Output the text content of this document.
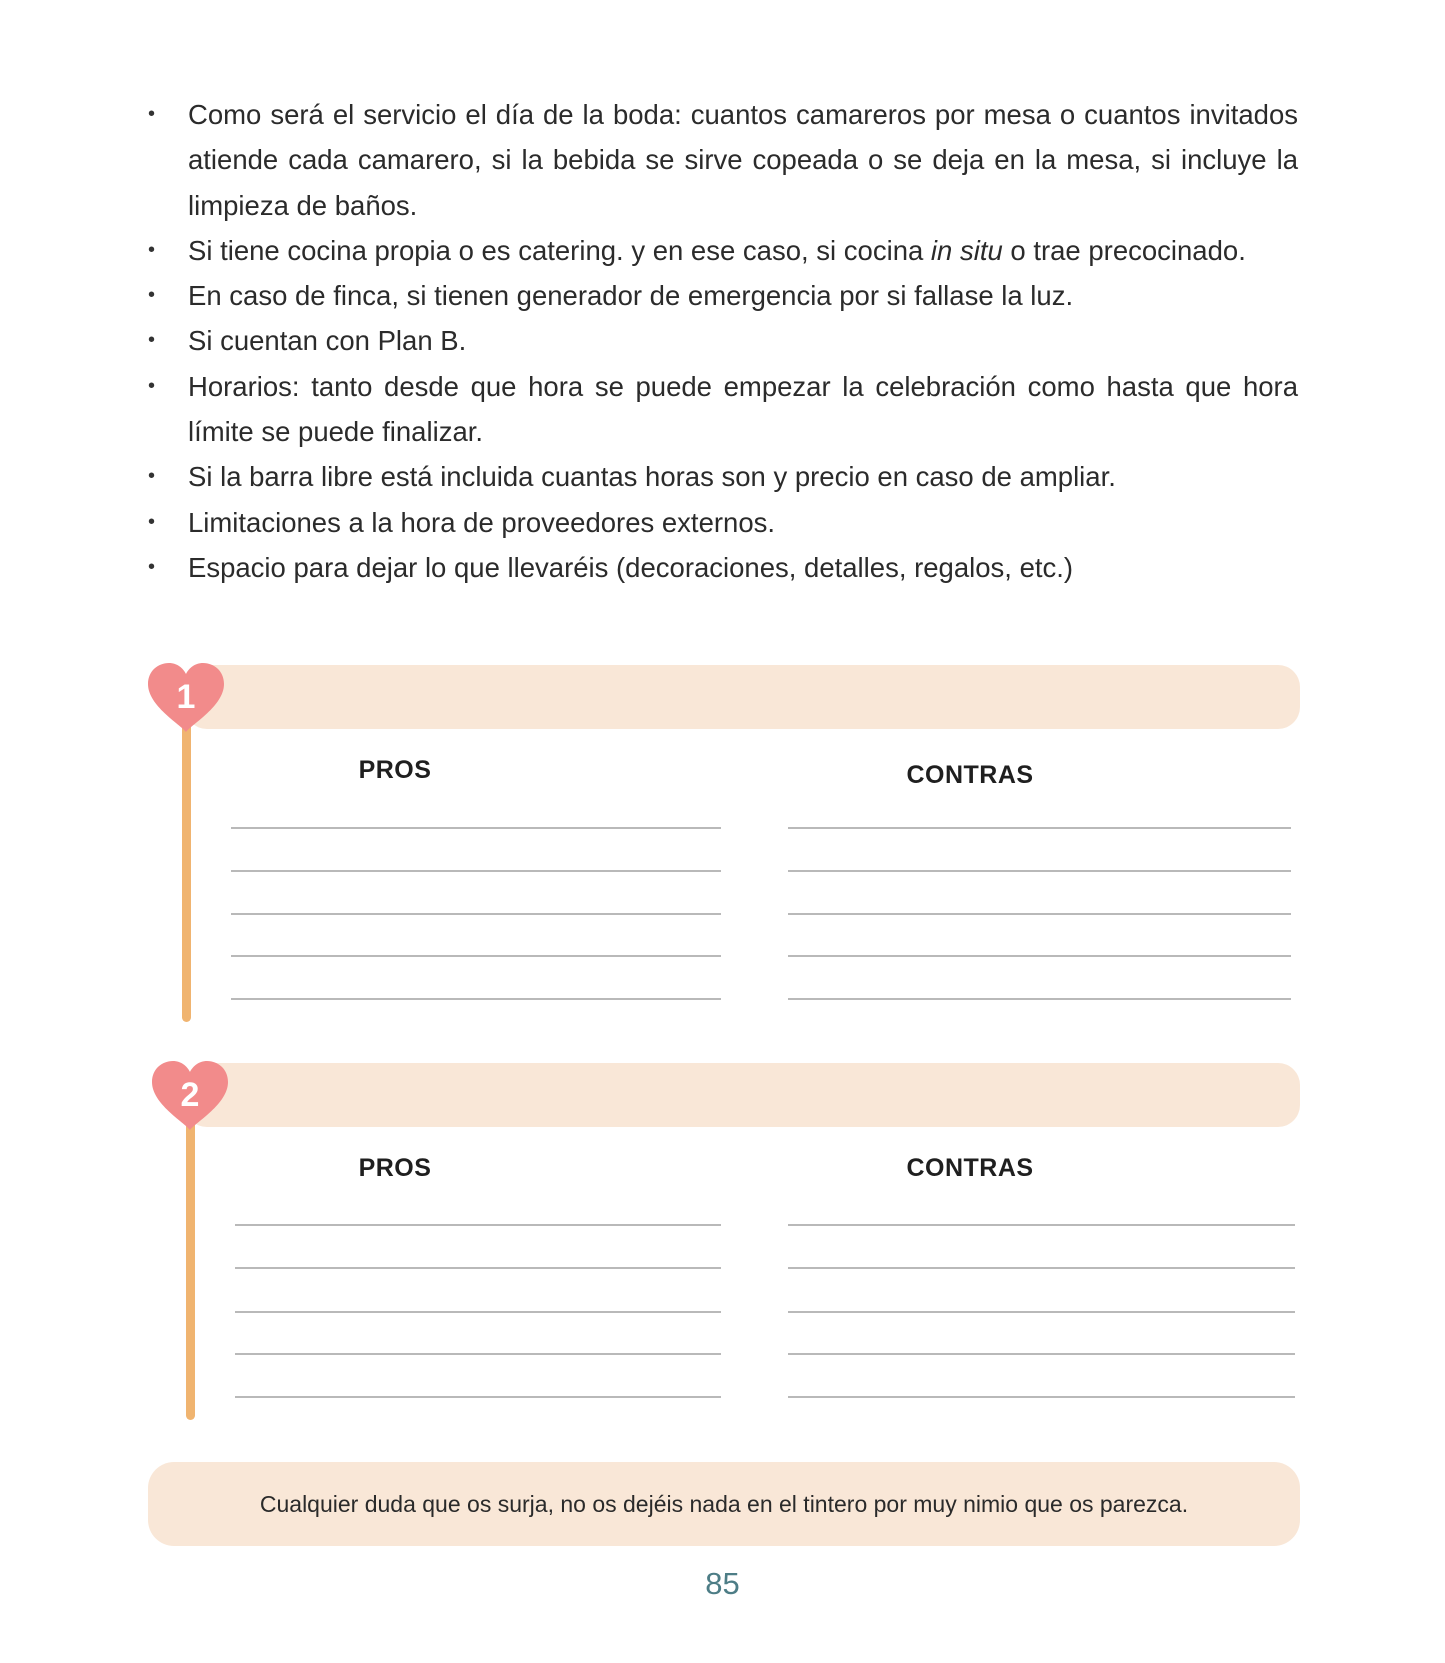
• Como será el servicio el día de la boda: cuantos camareros por mesa o cuantos invitados atiende cada camarero, si la bebida se sirve copeada o se deja en la mesa, si incluye la limpieza de baños.
• Si tiene cocina propia o es catering. y en ese caso, si cocina in situ o trae precocinado.
• En caso de finca, si tienen generador de emergencia por si fallase la luz.
• Si cuentan con Plan B.
• Horarios: tanto desde que hora se puede empezar la celebración como hasta que hora límite se puede finalizar.
• Si la barra libre está incluida cuantas horas son y precio en caso de ampliar.
• Limitaciones a la hora de proveedores externos.
• Espacio para dejar lo que llevaréis (decoraciones, detalles, regalos, etc.)
1
PROS	CONTRAS
2
PROS	CONTRAS
Cualquier duda que os surja, no os dejéis nada en el tintero por muy nimio que os parezca.
85
